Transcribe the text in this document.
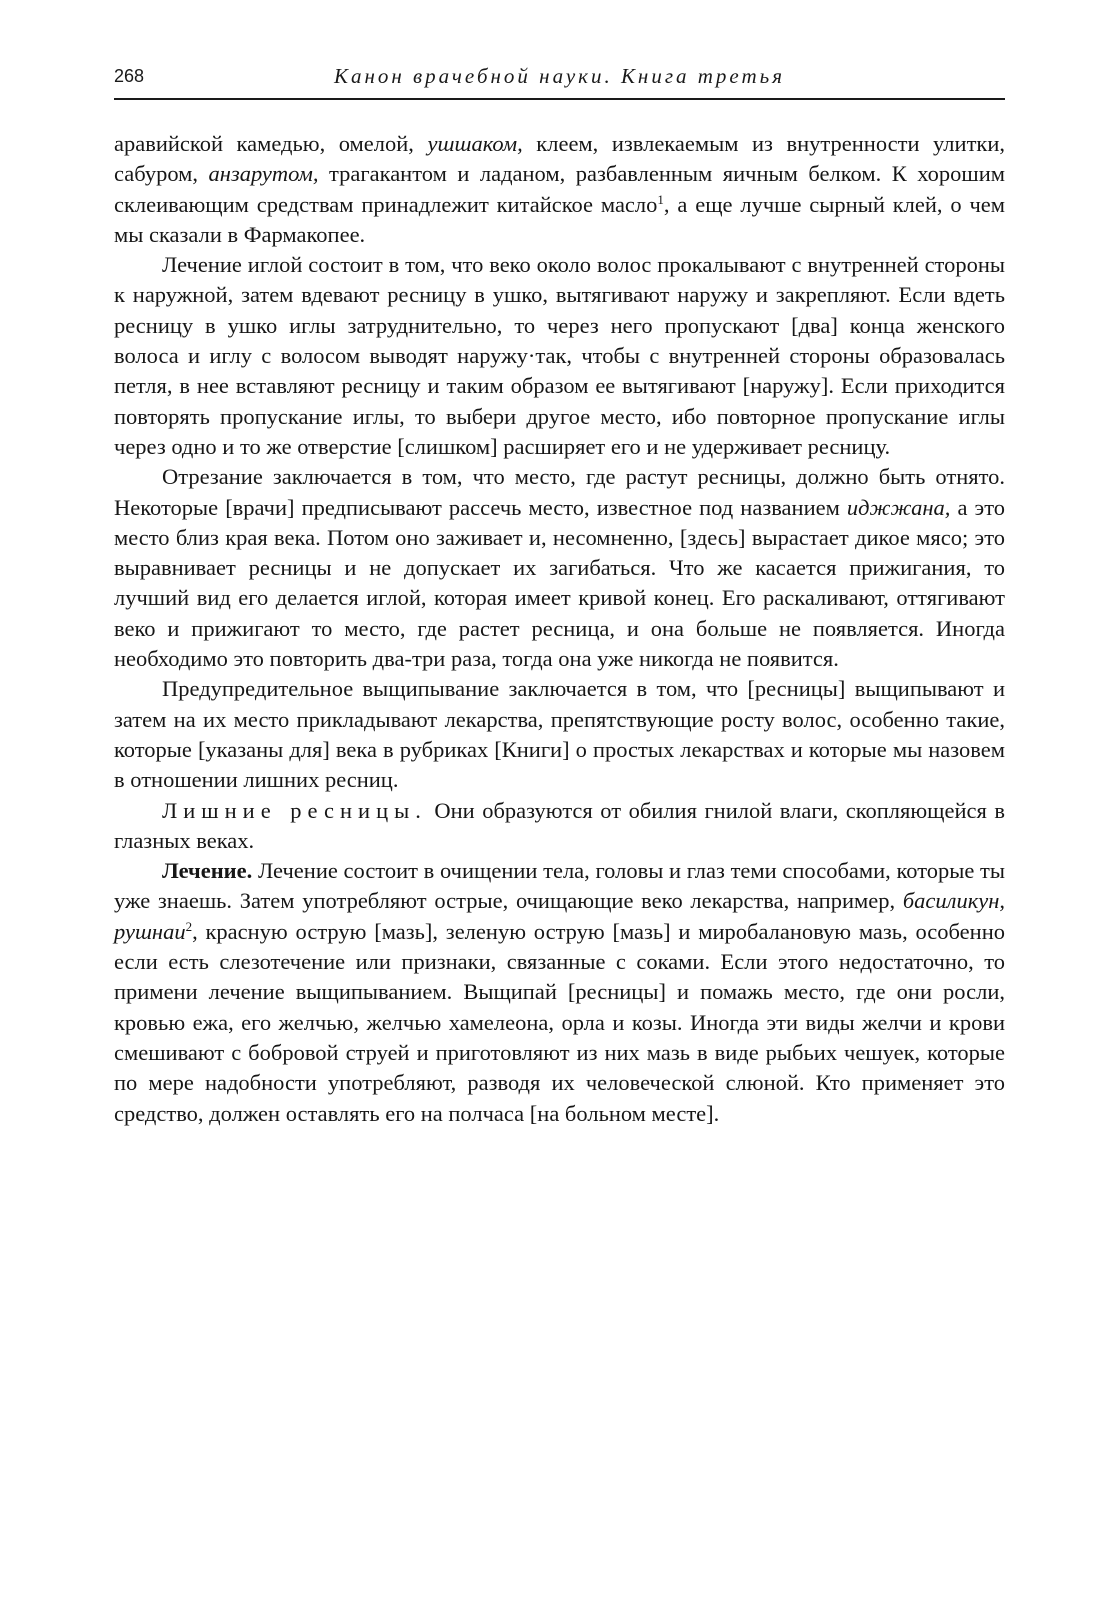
268	Канон врачебной науки. Книга третья

аравийской камедью, омелой, ушшаком, клеем, извлекаемым из внутренности улитки, сабуром, анзарутом, трагакантом и ладаном, разбавленным яичным белком. К хорошим склеивающим средствам принадлежит китайское масло$^1$, а еще лучше сырный клей, о чем мы сказали в Фармакопее.

Лечение иглой состоит в том, что веко около волос прокалывают с внутренней стороны к наружной, затем вдевают ресницу в ушко, вытягивают наружу и закрепляют. Если вдеть ресницу в ушко иглы затруднительно, то через него пропускают [два] конца женского волоса и иглу с волосом выводят наружу·так, чтобы с внутренней стороны образовалась петля, в нее вставляют ресницу и таким образом ее вытягивают [наружу]. Если приходится повторять пропускание иглы, то выбери другое место, ибо повторное пропускание иглы через одно и то же отверстие [слишком] расширяет его и не удерживает ресницу.

Отрезание заключается в том, что место, где растут ресницы, должно быть отнято. Некоторые [врачи] предписывают рассечь место, известное под названием иджжана, а это место близ края века. Потом оно заживает и, несомненно, [здесь] вырастает дикое мясо; это выравнивает ресницы и не допускает их загибаться. Что же касается прижигания, то лучший вид его делается иглой, которая имеет кривой конец. Его раскаливают, оттягивают веко и прижигают то место, где растет ресница, и она больше не появляется. Иногда необходимо это повторить два-три раза, тогда она уже никогда не появится.

Предупредительное выщипывание заключается в том, что [ресницы] выщипывают и затем на их место прикладывают лекарства, препятствующие росту волос, особенно такие, которые [указаны для] века в рубриках [Книги] о простых лекарствах и которые мы назовем в отношении лишних ресниц.

Лишние ресницы. Они образуются от обилия гнилой влаги, скопляющейся в глазных веках.

Лечение. Лечение состоит в очищении тела, головы и глаз теми способами, которые ты уже знаешь. Затем употребляют острые, очищающие веко лекарства, например, басиликун, рушнаи$^2$, красную острую [мазь], зеленую острую [мазь] и миробалановую мазь, особенно если есть слезотечение или признаки, связанные с соками. Если этого недостаточно, то примени лечение выщипыванием. Выщипай [ресницы] и помажь место, где они росли, кровью ежа, его желчью, желчью хамелеона, орла и козы. Иногда эти виды желчи и крови смешивают с бобровой струей и приготовляют из них мазь в виде рыбьих чешуек, которые по мере надобности употребляют, разводя их человеческой слюной. Кто применяет это средство, должен оставлять его на полчаса [на больном месте].
